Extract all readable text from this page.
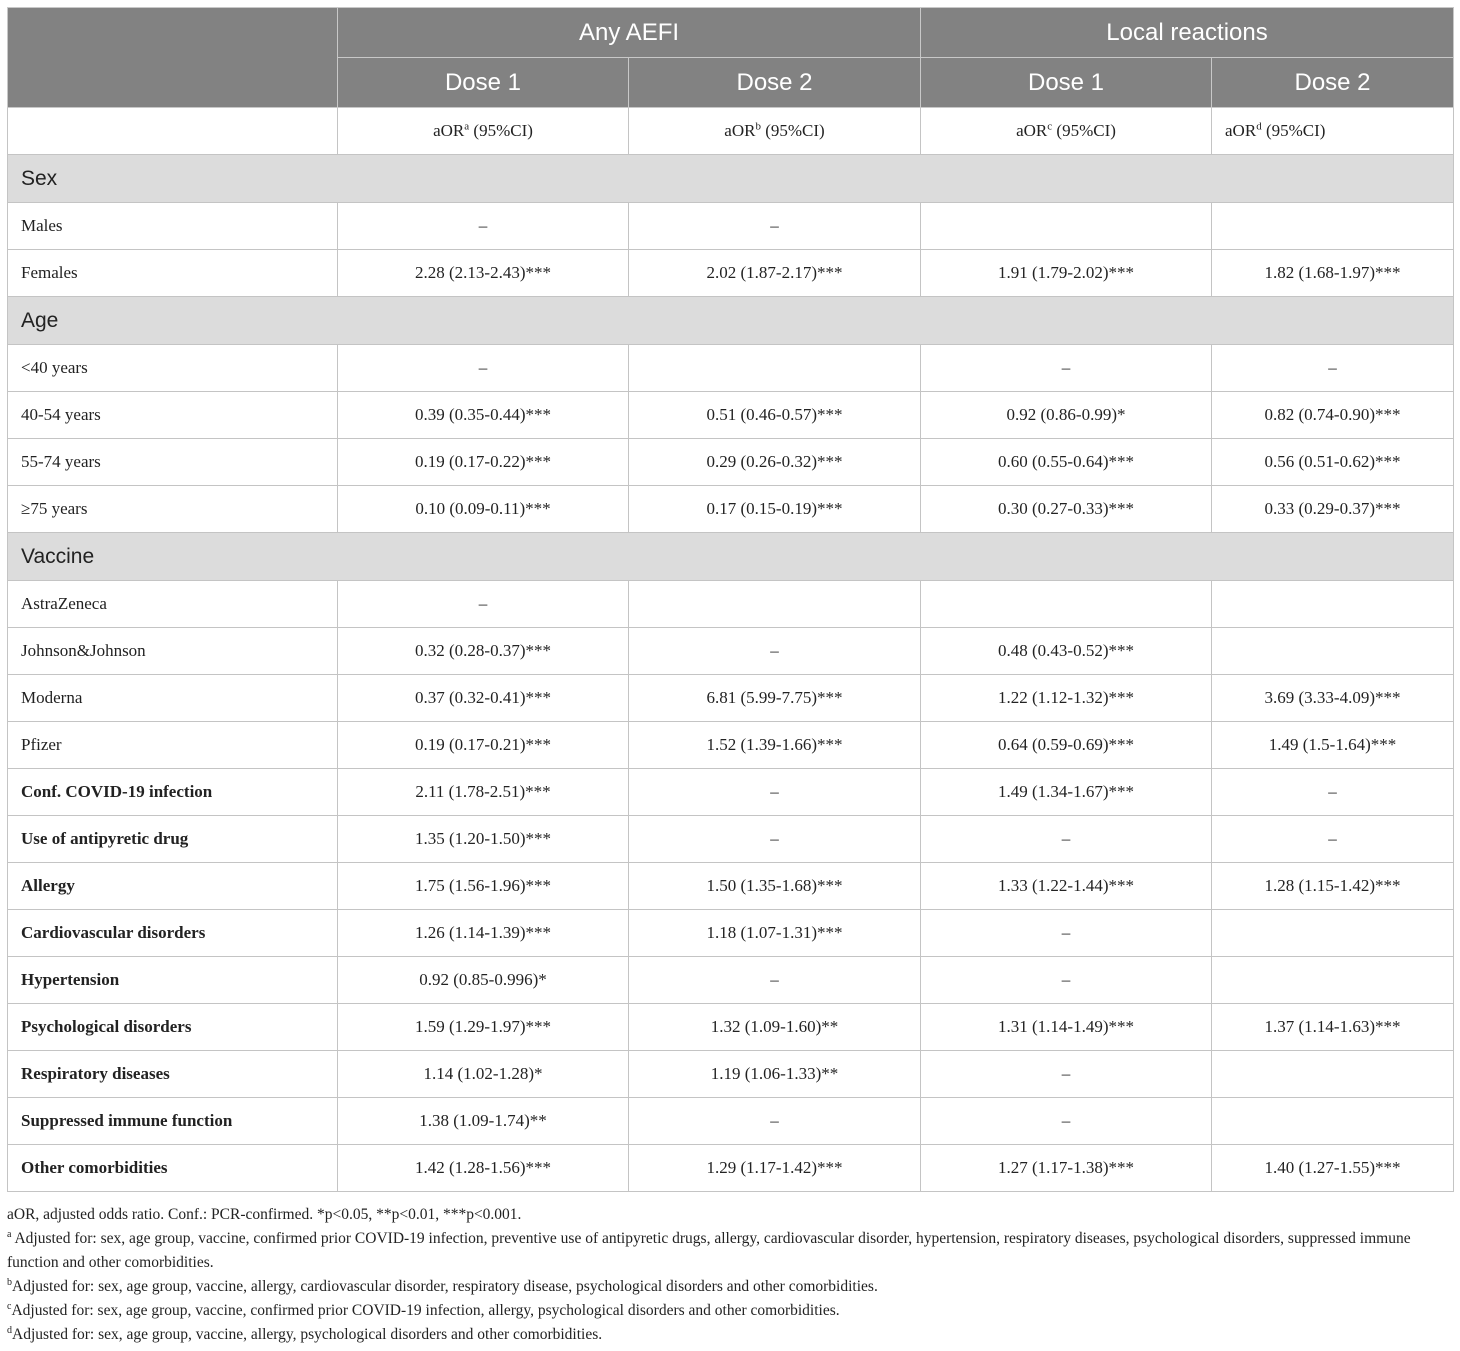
	Any AEFI		Local reactions	
	Dose 1	Dose 2	Dose 1	Dose 2
	aOR$^a$ (95%CI)	aOR$^b$ (95%CI)	aOR$^c$ (95%CI)	aOR$^d$ (95%CI)
Sex				
Males	–	–		
Females	2.28 (2.13-2.43)***	2.02 (1.87-2.17)***	1.91 (1.79-2.02)***	1.82 (1.68-1.97)***
Age				
<40 years	–		–	–
40-54 years	0.39 (0.35-0.44)***	0.51 (0.46-0.57)***	0.92 (0.86-0.99)*	0.82 (0.74-0.90)***
55-74 years	0.19 (0.17-0.22)***	0.29 (0.26-0.32)***	0.60 (0.55-0.64)***	0.56 (0.51-0.62)***
≥75 years	0.10 (0.09-0.11)***	0.17 (0.15-0.19)***	0.30 (0.27-0.33)***	0.33 (0.29-0.37)***
Vaccine				
AstraZeneca	–			
Johnson&Johnson	0.32 (0.28-0.37)***	–	0.48 (0.43-0.52)***	
Moderna	0.37 (0.32-0.41)***	6.81 (5.99-7.75)***	1.22 (1.12-1.32)***	3.69 (3.33-4.09)***
Pfizer	0.19 (0.17-0.21)***	1.52 (1.39-1.66)***	0.64 (0.59-0.69)***	1.49 (1.5-1.64)***
Conf. COVID-19 infection	2.11 (1.78-2.51)***	–	1.49 (1.34-1.67)***	–
Use of antipyretic drug	1.35 (1.20-1.50)***	–	–	–
Allergy	1.75 (1.56-1.96)***	1.50 (1.35-1.68)***	1.33 (1.22-1.44)***	1.28 (1.15-1.42)***
Cardiovascular disorders	1.26 (1.14-1.39)***	1.18 (1.07-1.31)***	–	
Hypertension	0.92 (0.85-0.996)*	–	–	
Psychological disorders	1.59 (1.29-1.97)***	1.32 (1.09-1.60)**	1.31 (1.14-1.49)***	1.37 (1.14-1.63)***
Respiratory diseases	1.14 (1.02-1.28)*	1.19 (1.06-1.33)**	–	
Suppressed immune function	1.38 (1.09-1.74)**	–	–	
Other comorbidities	1.42 (1.28-1.56)***	1.29 (1.17-1.42)***	1.27 (1.17-1.38)***	1.40 (1.27-1.55)***

aOR, adjusted odds ratio. Conf.: PCR-confirmed. *p<0.05, **p<0.01, ***p<0.001.

$^a$ Adjusted for: sex, age group, vaccine, confirmed prior COVID-19 infection, preventive use of antipyretic drugs, allergy, cardiovascular disorder, hypertension, respiratory diseases, psychological disorders, suppressed immune function and other comorbidities.

$^b$Adjusted for: sex, age group, vaccine, allergy, cardiovascular disorder, respiratory disease, psychological disorders and other comorbidities.

$^c$Adjusted for: sex, age group, vaccine, confirmed prior COVID-19 infection, allergy, psychological disorders and other comorbidities.

$^d$Adjusted for: sex, age group, vaccine, allergy, psychological disorders and other comorbidities.
